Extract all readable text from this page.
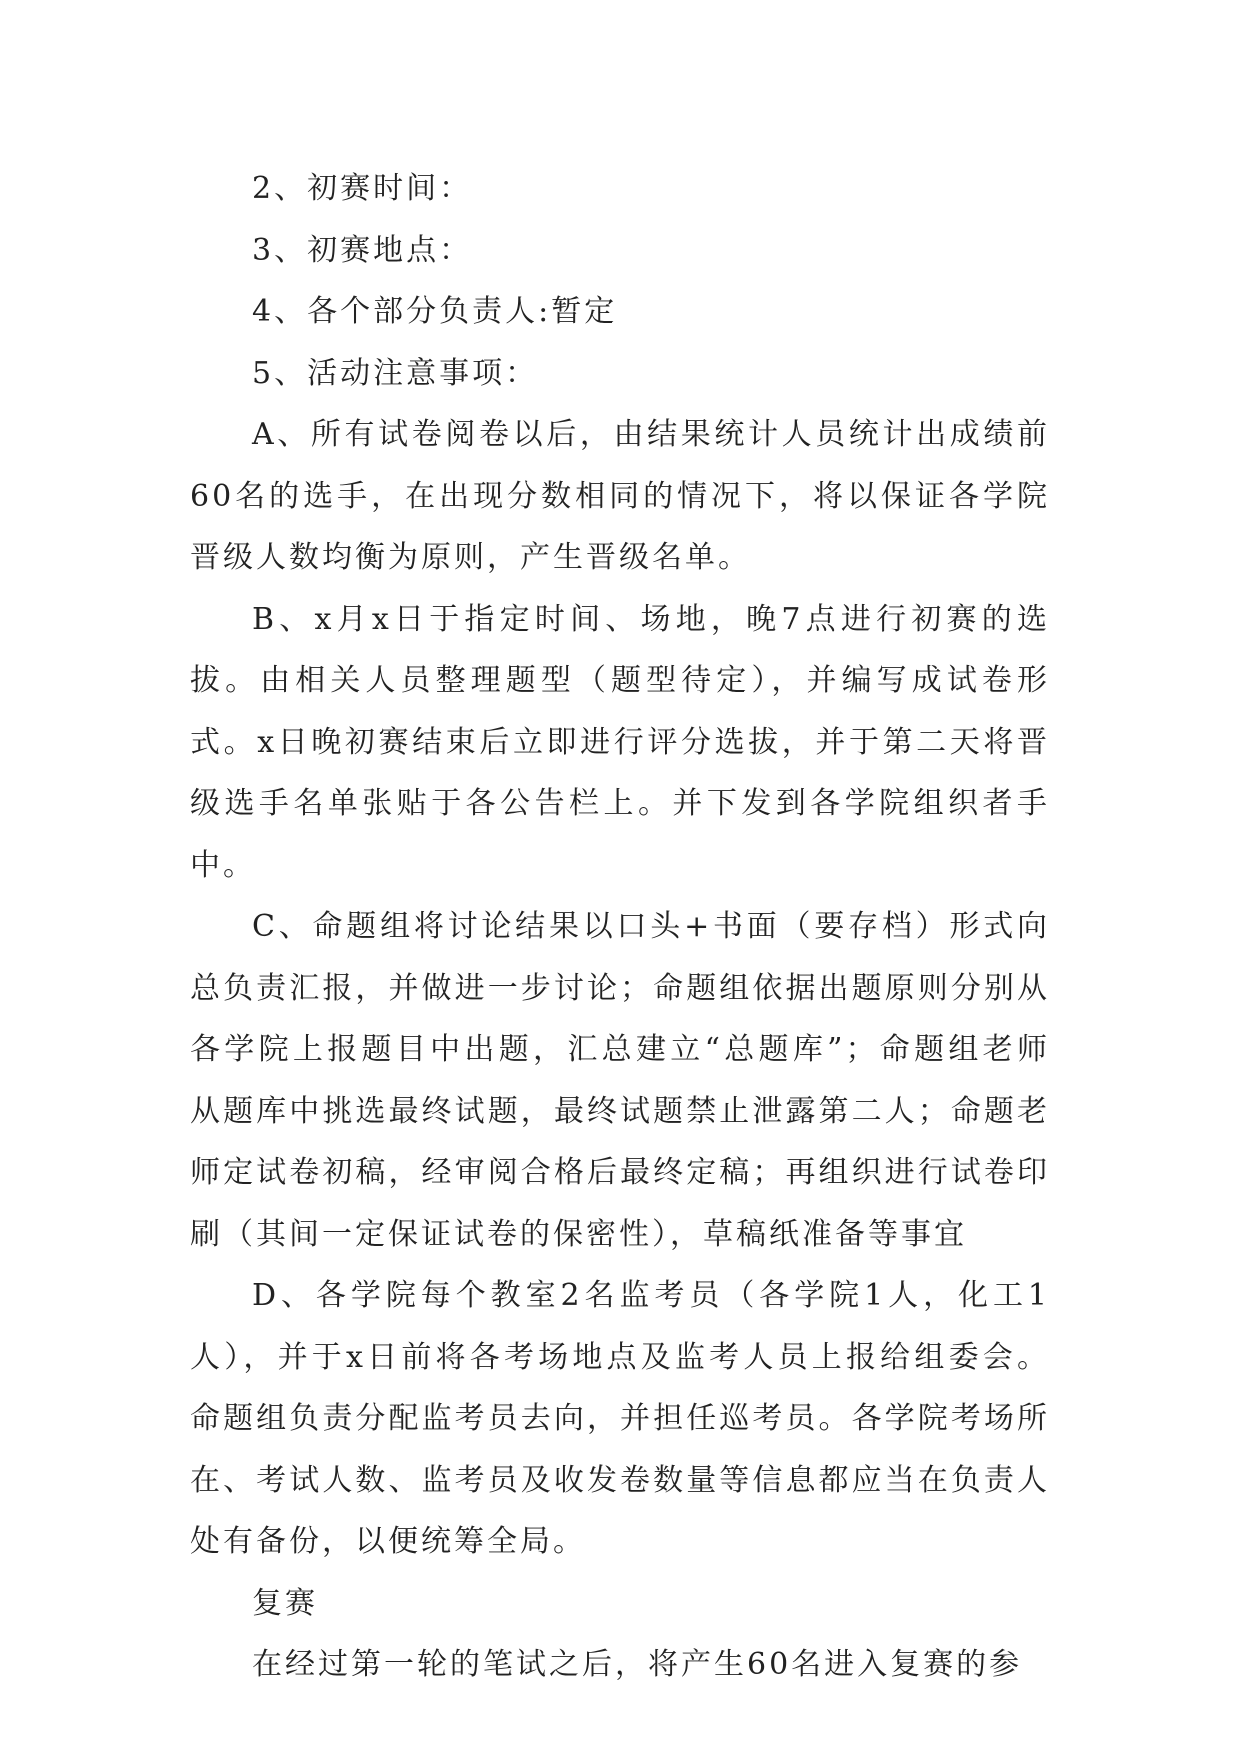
2、初赛时间：

3、初赛地点：

4、各个部分负责人:暂定

5、活动注意事项：

A、所有试卷阅卷以后，由结果统计人员统计出成绩前60名的选手，在出现分数相同的情况下，将以保证各学院晋级人数均衡为原则，产生晋级名单。

B、x月x日于指定时间、场地，晚7点进行初赛的选拔。由相关人员整理题型（题型待定），并编写成试卷形式。x日晚初赛结束后立即进行评分选拔，并于第二天将晋级选手名单张贴于各公告栏上。并下发到各学院组织者手中。

C、命题组将讨论结果以口头+书面（要存档）形式向总负责汇报，并做进一步讨论；命题组依据出题原则分别从各学院上报题目中出题，汇总建立“总题库”；命题组老师从题库中挑选最终试题，最终试题禁止泄露第二人；命题老师定试卷初稿，经审阅合格后最终定稿；再组织进行试卷印刷（其间一定保证试卷的保密性），草稿纸准备等事宜

D、各学院每个教室2名监考员（各学院1人，化工1人），并于x日前将各考场地点及监考人员上报给组委会。命题组负责分配监考员去向，并担任巡考员。各学院考场所在、考试人数、监考员及收发卷数量等信息都应当在负责人处有备份，以便统筹全局。

复赛

在经过第一轮的笔试之后，将产生60名进入复赛的参
